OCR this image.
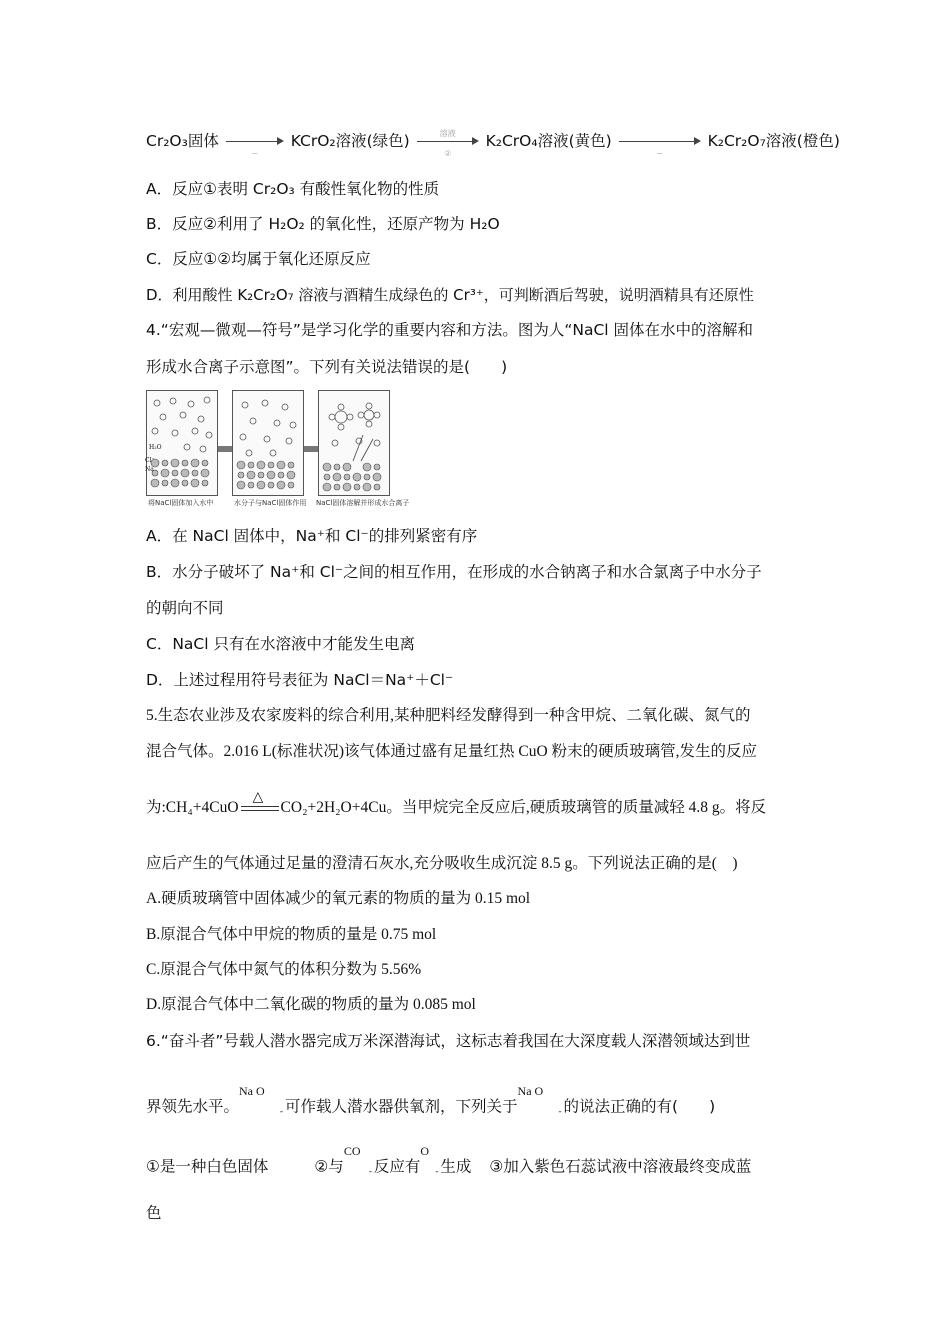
Cr₂O₃固体
~
KCrO₂溶液(绿色)	溶液
②
K₂CrO₄溶液(黄色)
~
K₂Cr₂O₇溶液(橙色)
A．反应①表明 Cr₂O₃ 有酸性氧化物的性质
B．反应②利用了 H₂O₂ 的氧化性，还原产物为 H₂O
C．反应①②均属于氧化还原反应
D．利用酸性 K₂Cr₂O₇ 溶液与酒精生成绿色的 Cr³⁺，可判断酒后驾驶，说明酒精具有还原性
4.“宏观—微观—符号”是学习化学的重要内容和方法。图为人“NaCl 固体在水中的溶解和
形成水合离子示意图”。下列有关说法错误的是(　　)
H₂O
Cl⁻
Na
将NaCl固体加入水中	水分子与NaCl固体作用 NaCl固体溶解并形成水合离子
A．在 NaCl 固体中，Na⁺和 Cl⁻的排列紧密有序
B．水分子破坏了 Na⁺和 Cl⁻之间的相互作用，在形成的水合钠离子和水合氯离子中水分子
的朝向不同
C．NaCl 只有在水溶液中才能发生电离
D．上述过程用符号表征为 NaCl＝Na⁺＋Cl⁻
5.生态农业涉及农家废料的综合利用,某种肥料经发酵得到一种含甲烷、二氧化碳、氮气的
混合气体。2.016 L(标准状况)该气体通过盛有足量红热 CuO 粉末的硬质玻璃管,发生的反应
为:CH₄+4CuO
△
CO₂+2H₂O+4Cu。当甲烷完全反应后,硬质玻璃管的质量减轻 4.8 g。将反
应后产生的气体通过足量的澄清石灰水,充分吸收生成沉淀 8.5 g。下列说法正确的是(　)
A.硬质玻璃管中固体减少的氧元素的物质的量为 0.15 mol
B.原混合气体中甲烷的物质的量是 0.75 mol
C.原混合气体中氮气的体积分数为 5.56%
D.原混合气体中二氧化碳的物质的量为 0.085 mol
6.“奋斗者”号载人潜水器完成万米深潜海试，这标志着我国在大深度载人深潜领域达到世
界领先水平。
Na O
- 可作载人潜水器供氧剂，下列关于
Na O
- 的说法正确的有(　　)
①是一种白色固体	②与
CO
- 反应有
O
- 生成 ③加入紫色石蕊试液中溶液最终变成蓝
色
